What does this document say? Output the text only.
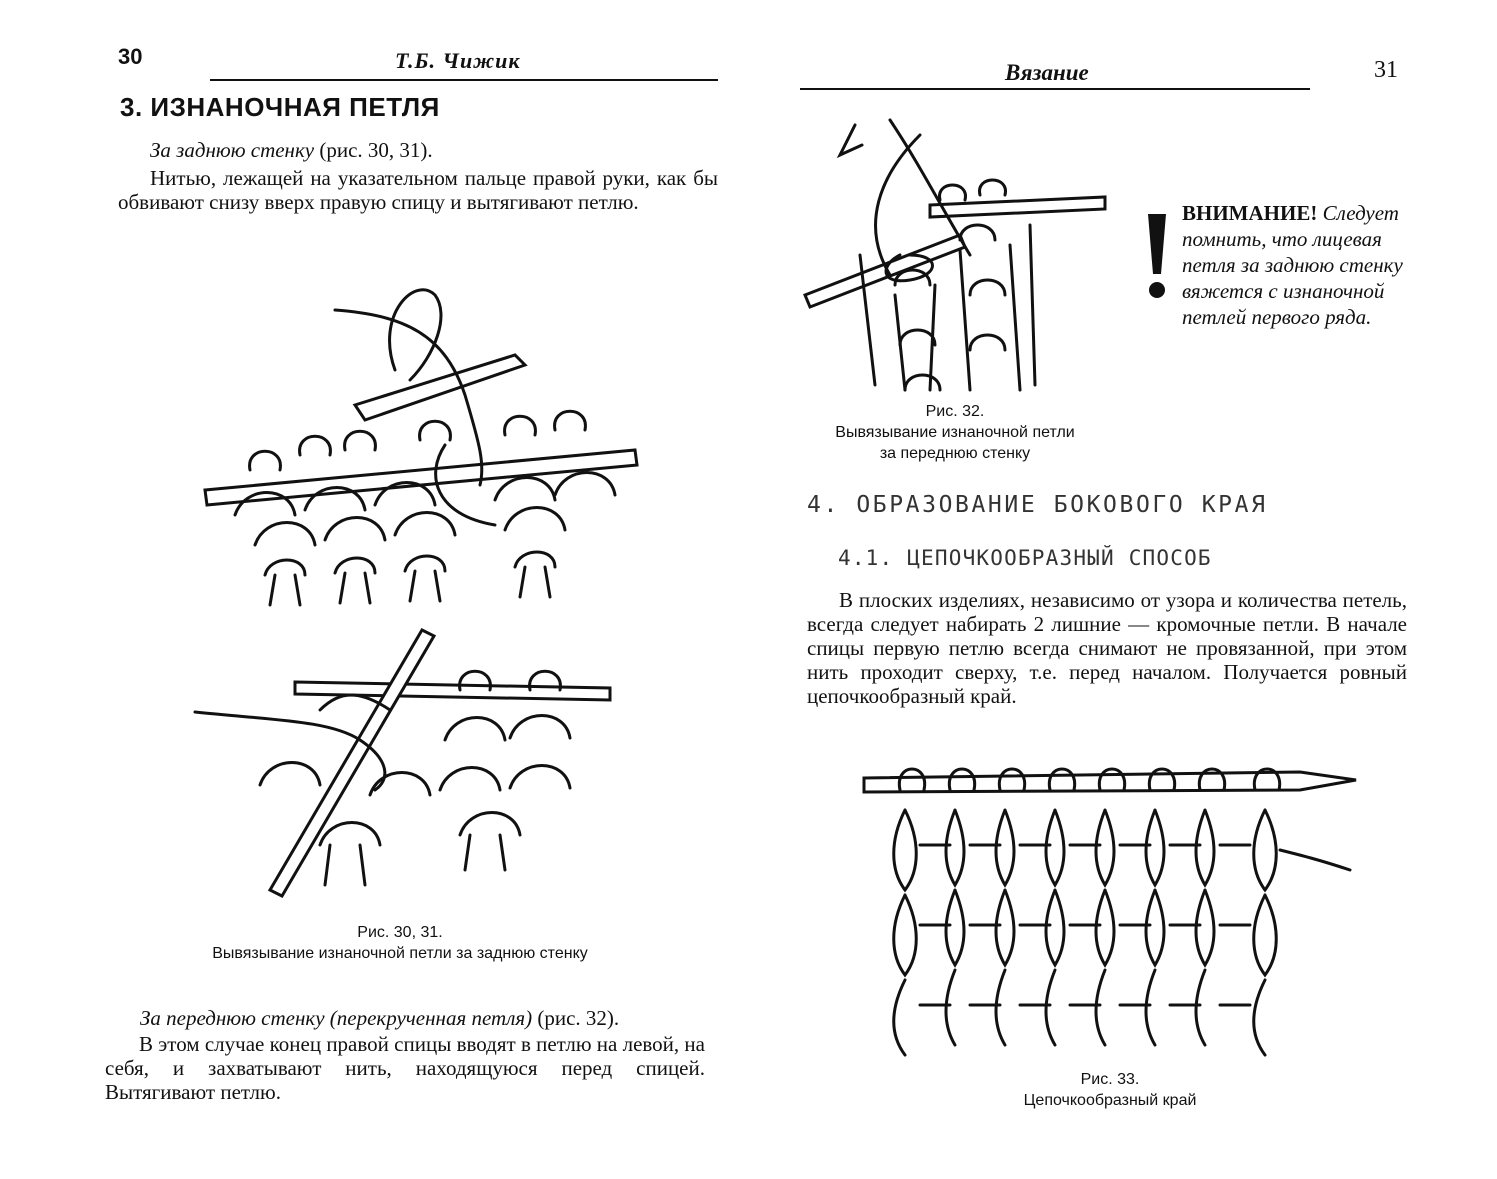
30	Т.Б. Чижик
3. ИЗНАНОЧНАЯ ПЕТЛЯ
За заднюю стенку (рис. 30, 31).
Нитью, лежащей на указательном пальце правой руки, как бы обвивают снизу вверх правую спицу и вытягивают петлю.
Рис. 30, 31.
Вывязывание изнаночной петли за заднюю стенку
За переднюю стенку (перекрученная петля) (рис. 32).
В этом случае конец правой спицы вводят в петлю на левой, на себя, и захватывают нить, находящуюся перед спицей. Вытягивают петлю.
Вязание	31
Рис. 32.
Вывязывание изнаночной петли
за переднюю стенку
ВНИМАНИЕ! Следует помнить, что лицевая петля за заднюю стенку вяжется с изнаночной петлей первого ряда.
4. ОБРАЗОВАНИЕ БОКОВОГО КРАЯ
4.1. ЦЕПОЧКООБРАЗНЫЙ СПОСОБ
В плоских изделиях, независимо от узора и количества петель, всегда следует набирать 2 лишние — кромочные петли. В начале спицы первую петлю всегда снимают не провязанной, при этом нить проходит сверху, т.е. перед началом. Получается ровный цепочкообразный край.
Рис. 33.
Цепочкообразный край
